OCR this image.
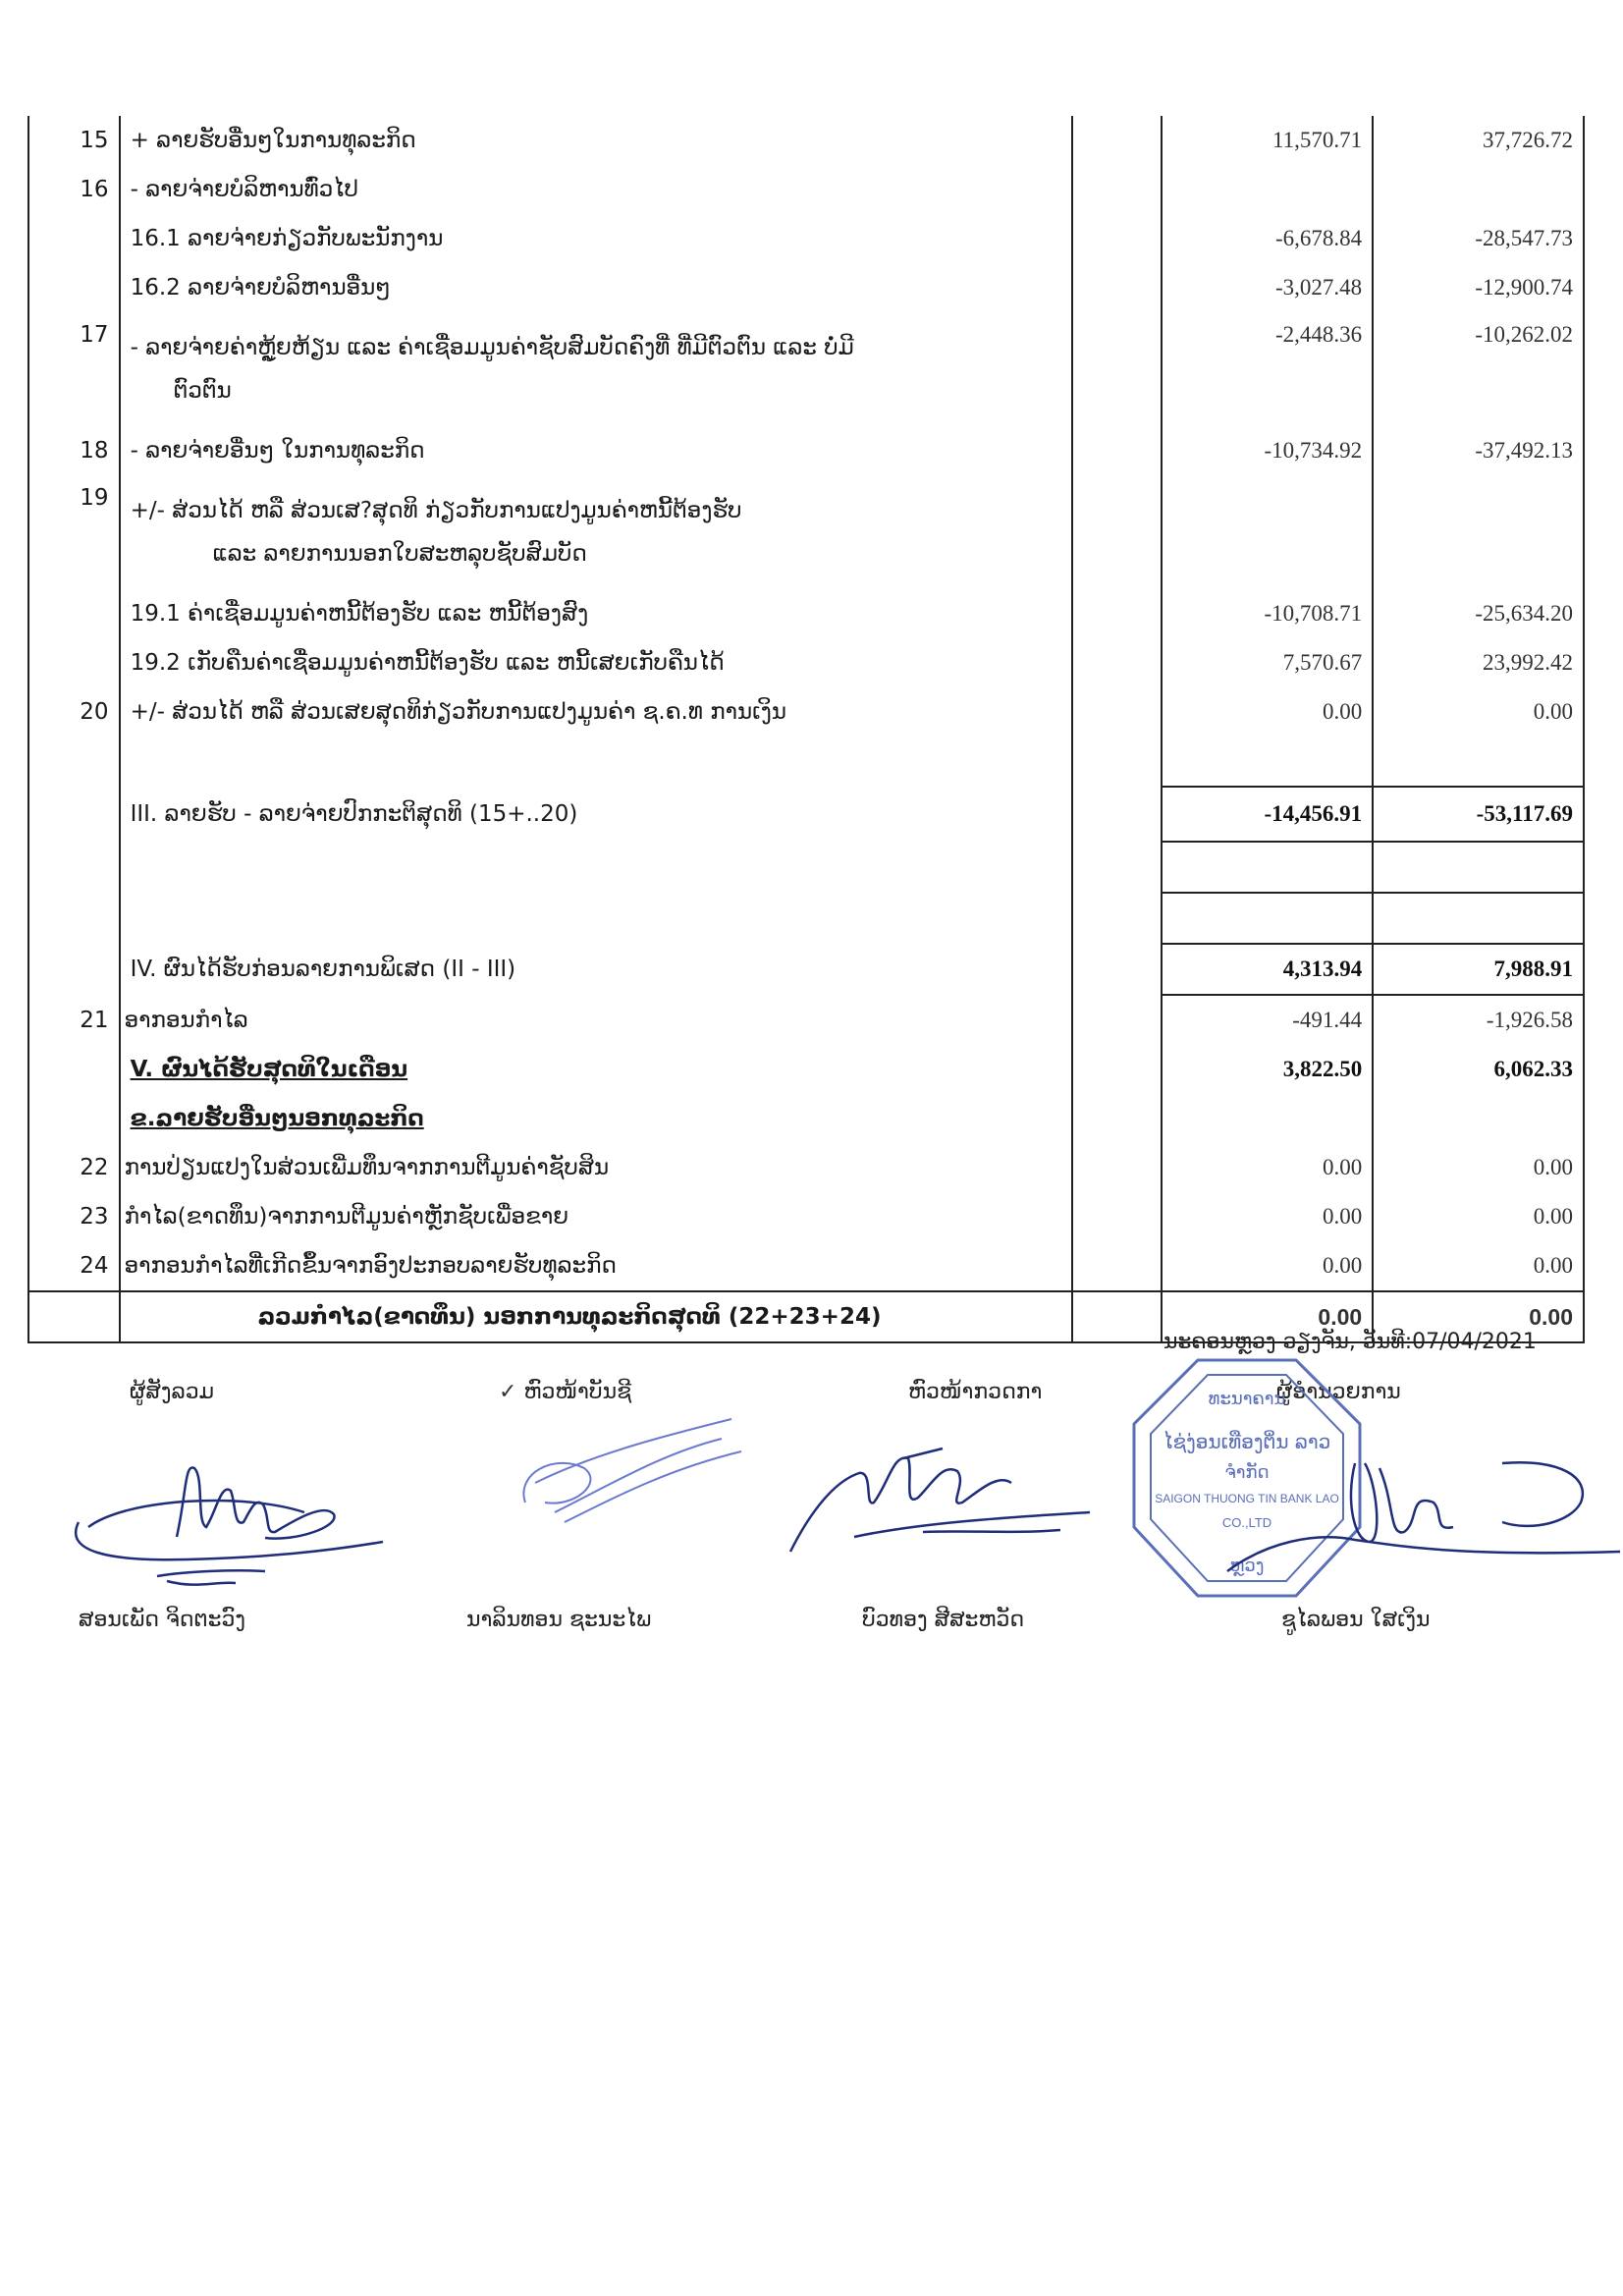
15	+ ລາຍຮັບອື່ນໆໃນການທຸລະກິດ		11,570.71	37,726.72
16	- ລາຍຈ່າຍບໍລິຫານທົ່ວໄປ			
	16.1 ລາຍຈ່າຍກ່ຽວກັບພະນັກງານ		-6,678.84	-28,547.73
	16.2 ລາຍຈ່າຍບໍລິຫານອື່ນໆ		-3,027.48	-12,900.74
17	- ລາຍຈ່າຍຄ່າຫຼູ້ຍຫ້ຽນ ແລະ ຄ່າເຊື່ອມມູນຄ່າຊັບສົມບັດຄົງທີ່ ທີ່ມີຕົວຕົນ ແລະ ບໍ່ມີ
ຕົວຕົນ		-2,448.36	-10,262.02
18	- ລາຍຈ່າຍອື່ນໆ ໃນການທຸລະກິດ		-10,734.92	-37,492.13
19	+/- ສ່ວນໄດ້ ຫລື ສ່ວນເສ?ສຸດທິ ກ່ຽວກັບການແປງມູນຄ່າຫນີ້ຕ້ອງຮັບ
ແລະ ລາຍການນອກໃບສະຫລຸບຊັບສົມບັດ			

	19.1 ຄ່າເຊື່ອມມູນຄ່າຫນີ້ຕ້ອງຮັບ ແລະ ຫນີ້ຕ້ອງສົງ		-10,708.71	-25,634.20
	19.2 ເກັບຄືນຄ່າເຊື່ອມມູນຄ່າຫນີ້ຕ້ອງຮັບ ແລະ ຫນີ້ເສຍເກັບຄືນໄດ້		7,570.67	23,992.42
20	+/- ສ່ວນໄດ້ ຫລື ສ່ວນເສຍສຸດທິກ່ຽວກັບການແປງມູນຄ່າ ຊ.ຄ.ທ ການເງິນ		0.00	0.00

	III. ລາຍຮັບ - ລາຍຈ່າຍປົກກະຕິສຸດທິ (15+..20)		-14,456.91	-53,117.69

	IV. ຜົນໄດ້ຮັບກ່ອນລາຍການພິເສດ (II - III)		4,313.94	7,988.91
21	ອາກອນກຳໄລ		-491.44	-1,926.58
	V. ຜົນໄດ້ຮັບສຸດທິໃນເດືອນ		3,822.50	6,062.33
	ຂ.ລາຍຮັບອື່ນໆນອກທຸລະກິດ			
22	ການປ່ຽນແປງໃນສ່ວນເພີ່ມທຶນຈາກການຕີມູນຄ່າຊັບສິນ		0.00	0.00
23	ກຳໄລ(ຂາດທຶນ)ຈາກການຕີມູນຄ່າຫຼັກຊັບເພື່ອຂາຍ		0.00	0.00
24	ອາກອນກຳໄລທີ່ເກີດຂຶ້ນຈາກອົງປະກອບລາຍຮັບທຸລະກິດ		0.00	0.00
	ລວມກຳໄລ(ຂາດທຶນ) ນອກການທຸລະກິດສຸດທິ (22+23+24)		0.00	0.00
ນະຄອນຫຼວງ ວຽງຈັນ, ວັນທີ:07/04/2021
ຜູ້ສັງລວມ	✓ ຫົວໜ້າບັນຊີ	ຫົວໜ້າກວດກາ	ຜູ້ອຳນວຍການ
ສອນເພັດ ຈິດຕະວົງ	ນາລິນທອນ ຊະນະໄພ	ບົວທອງ ສີສະຫວັດ	ຊູໄລພອນ ໃສເງິນ
ທະນາຄານ
ໄຊ່ງ່ອນເທືອງຕິ່ນ ລາວ
ຈຳກັດ
SAIGON THUONG TIN BANK LAO
CO.,LTD
ຫຼວງ
